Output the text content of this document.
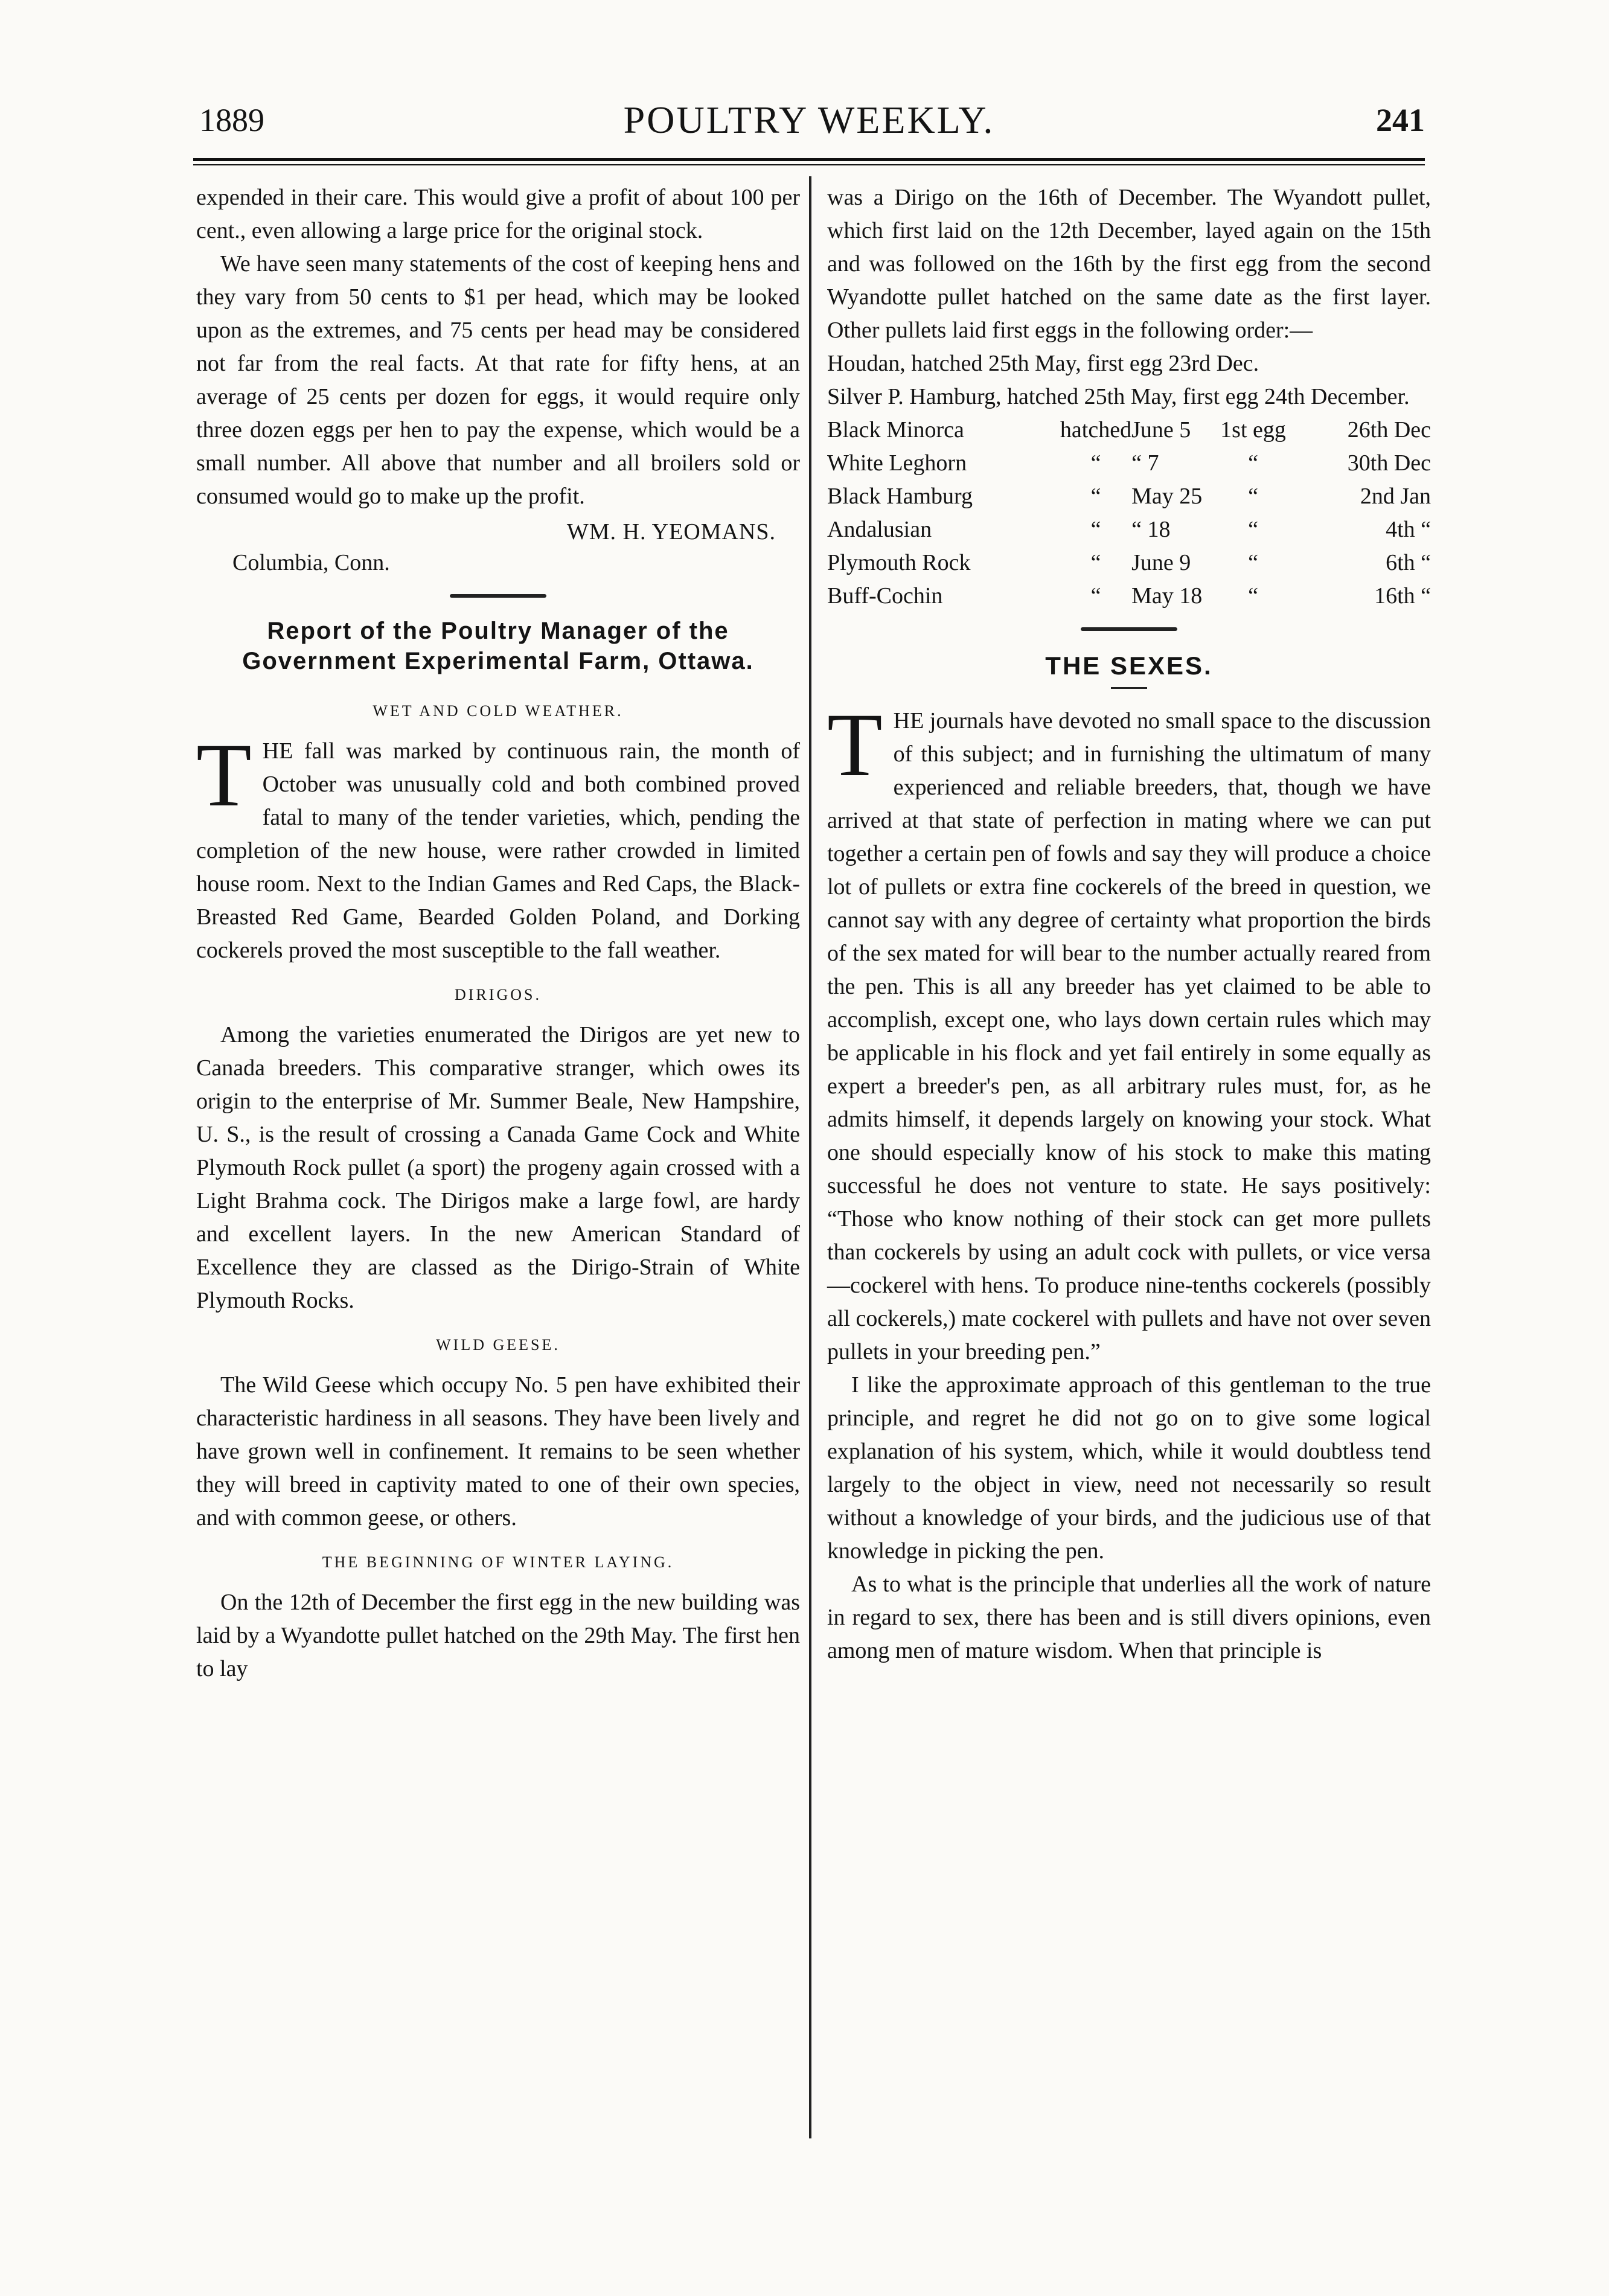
1889	POULTRY WEEKLY.	241

expended in their care. This would give a profit of about 100 per cent., even allowing a large price for the original stock.

We have seen many statements of the cost of keeping hens and they vary from 50 cents to $1 per head, which may be looked upon as the extremes, and 75 cents per head may be considered not far from the real facts. At that rate for fifty hens, at an average of 25 cents per dozen for eggs, it would require only three dozen eggs per hen to pay the expense, which would be a small number. All above that number and all broilers sold or consumed would go to make up the profit.

WM. H. YEOMANS.
Columbia, Conn.
Report of the Poultry Manager of the Government Experimental Farm, Ottawa.
WET AND COLD WEATHER.

THE fall was marked by continuous rain, the month of October was unusually cold and both combined proved fatal to many of the tender varieties, which, pending the completion of the new house, were rather crowded in limited house room. Next to the Indian Games and Red Caps, the Black-Breasted Red Game, Bearded Golden Poland, and Dorking cockerels proved the most susceptible to the fall weather.

DIRIGOS.

Among the varieties enumerated the Dirigos are yet new to Canada breeders. This comparative stranger, which owes its origin to the enterprise of Mr. Summer Beale, New Hampshire, U. S., is the result of crossing a Canada Game Cock and White Plymouth Rock pullet (a sport) the progeny again crossed with a Light Brahma cock. The Dirigos make a large fowl, are hardy and excellent layers. In the new American Standard of Excellence they are classed as the Dirigo-Strain of White Plymouth Rocks.

WILD GEESE.

The Wild Geese which occupy No. 5 pen have exhibited their characteristic hardiness in all seasons. They have been lively and have grown well in confinement. It remains to be seen whether they will breed in captivity mated to one of their own species, and with common geese, or others.

THE BEGINNING OF WINTER LAYING.

On the 12th of December the first egg in the new building was laid by a Wyandotte pullet hatched on the 29th May. The first hen to lay

was a Dirigo on the 16th of December. The Wyandott pullet, which first laid on the 12th December, layed again on the 15th and was followed on the 16th by the first egg from the second Wyandotte pullet hatched on the same date as the first layer. Other pullets laid first eggs in the following order:—

Houdan, hatched 25th May, first egg 23rd Dec.

Silver P. Hamburg, hatched 25th May, first egg 24th December.

Black Minorca	hatched	June 5	1st egg	26th Dec
White Leghorn	“	“ 7	“	30th Dec
Black Hamburg	“	May 25	“	2nd Jan
Andalusian	“	“ 18	“	4th “
Plymouth Rock	“	June 9	“	6th “
Buff-Cochin	“	May 18	“	16th “
THE SEXES.

THE journals have devoted no small space to the discussion of this subject; and in furnishing the ultimatum of many experienced and reliable breeders, that, though we have arrived at that state of perfection in mating where we can put together a certain pen of fowls and say they will produce a choice lot of pullets or extra fine cockerels of the breed in question, we cannot say with any degree of certainty what proportion the birds of the sex mated for will bear to the number actually reared from the pen. This is all any breeder has yet claimed to be able to accomplish, except one, who lays down certain rules which may be applicable in his flock and yet fail entirely in some equally as expert a breeder's pen, as all arbitrary rules must, for, as he admits himself, it depends largely on knowing your stock. What one should especially know of his stock to make this mating successful he does not venture to state. He says positively: “Those who know nothing of their stock can get more pullets than cockerels by using an adult cock with pullets, or vice versa—cockerel with hens. To produce nine-tenths cockerels (possibly all cockerels,) mate cockerel with pullets and have not over seven pullets in your breeding pen.”

I like the approximate approach of this gentleman to the true principle, and regret he did not go on to give some logical explanation of his system, which, while it would doubtless tend largely to the object in view, need not necessarily so result without a knowledge of your birds, and the judicious use of that knowledge in picking the pen.

As to what is the principle that underlies all the work of nature in regard to sex, there has been and is still divers opinions, even among men of mature wisdom. When that principle is
